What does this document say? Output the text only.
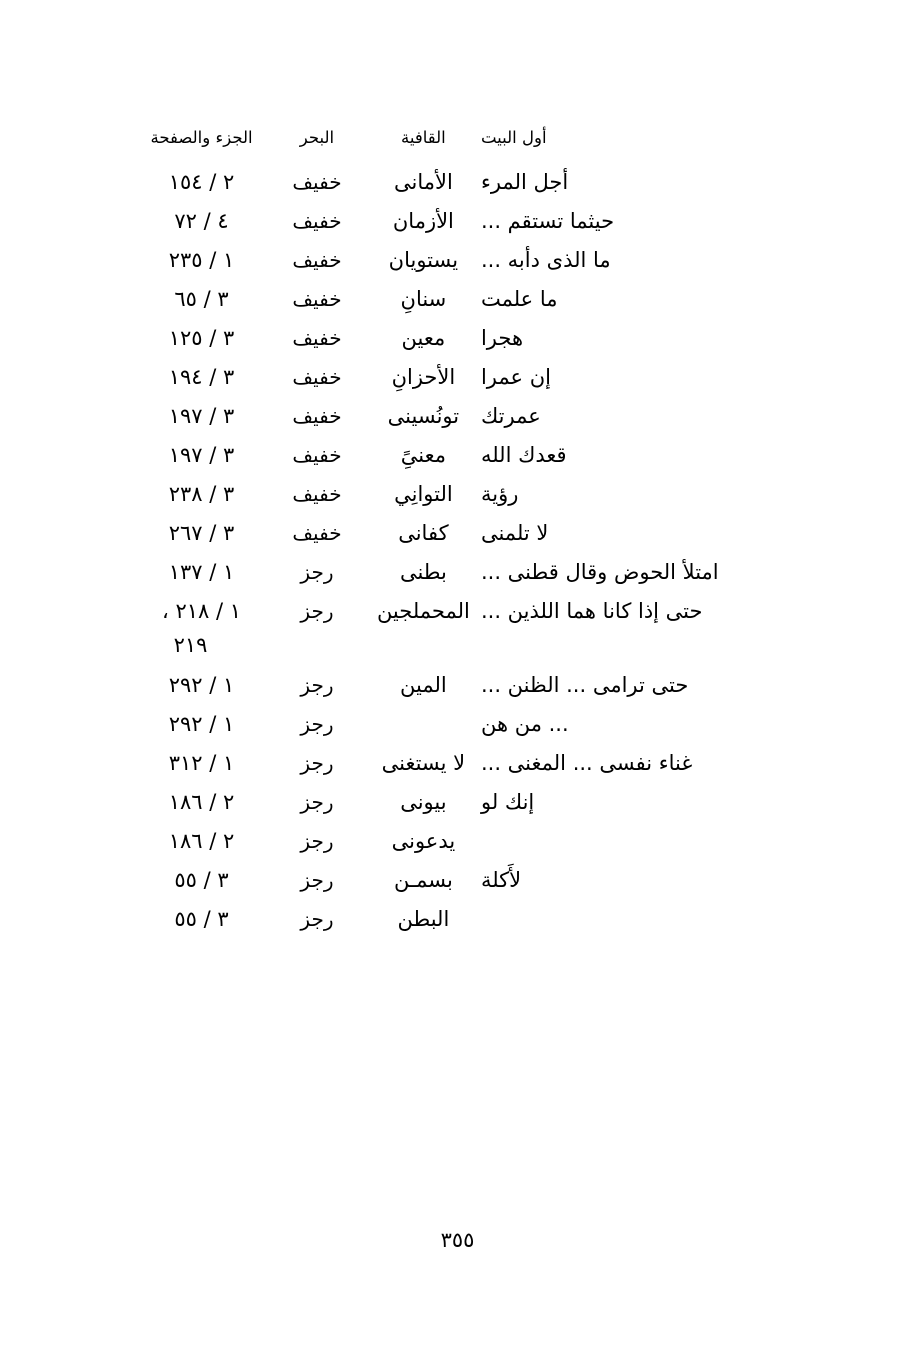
أول البيت	القافية	البحر	الجزء والصفحة
أجل المرء	الأمانى	خفيف	٢ / ١٥٤
حيثما تستقم ...	الأزمان	خفيف	٤ / ٧٢
ما الذى دأبه ...	يستويان	خفيف	١ / ٢٣٥
ما علمت	سنانِ	خفيف	٣ / ٦٥
هجرا	معين	خفيف	٣ / ١٢٥
إن عمرا	الأحزانِ	خفيف	٣ / ١٩٤
عمرتك	تونُسينى	خفيف	٣ / ١٩٧
قعدك الله	معنىًِ	خفيف	٣ / ١٩٧
رؤية	التوانِي	خفيف	٣ / ٢٣٨
لا تلمنى	كفانى	خفيف	٣ / ٢٦٧
امتلأ الحوض وقال قطنى ...	بطنى	رجز	١ / ١٣٧
حتى إذا كانا هما اللذين ...	المحملجين	رجز	١ / ٢١٨ ،
			٢١٩
حتى ترامى ... الظنن ...	المين	رجز	١ / ٢٩٢
... من هن		رجز	١ / ٢٩٢
غناء نفسى ... المغنى ...	لا يستغنى	رجز	١ / ٣١٢
إنك لو	بيونى	رجز	٢ / ١٨٦
	يدعونى	رجز	٢ / ١٨٦
لأَكلة	بسمـن	رجز	٣ / ٥٥
	البطن	رجز	٣ / ٥٥
٣٥٥
